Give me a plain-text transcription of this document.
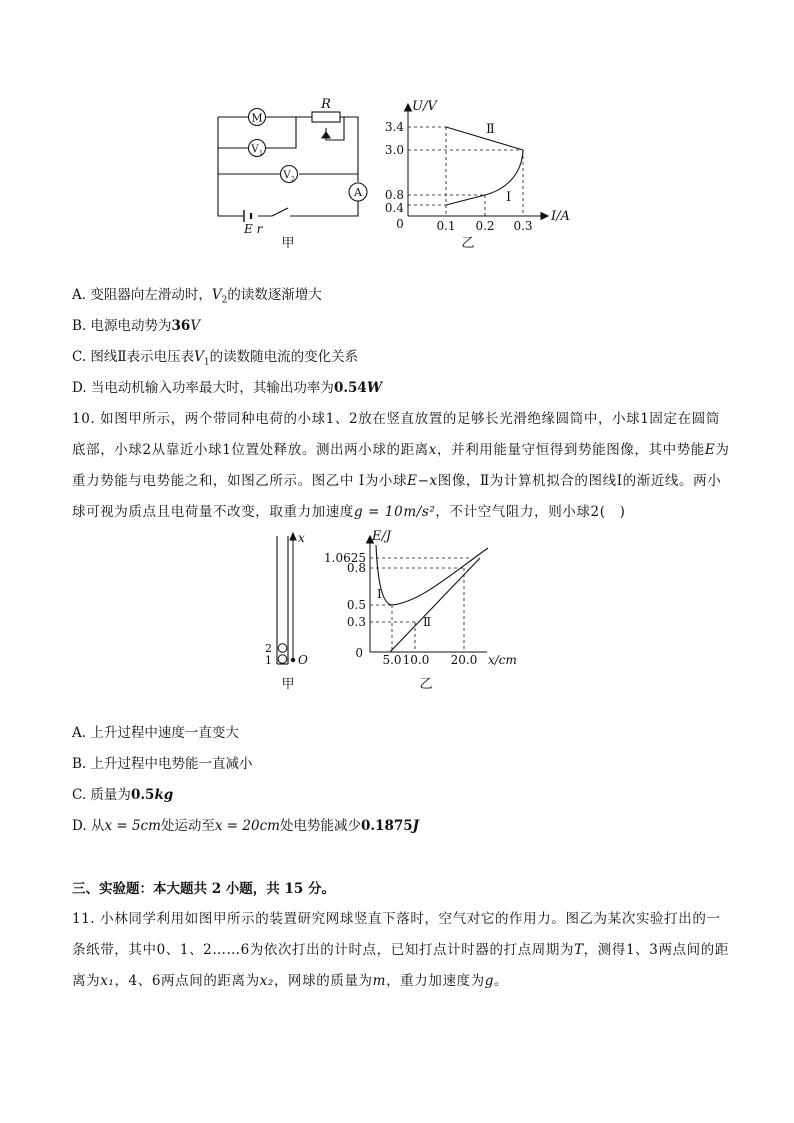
M
V 1
V 2
A
R
E r
甲
U/V
I/A
0
3.4
3.0
0.8
0.4
0.1 0.2 0.3
Ⅰ
Ⅱ
乙
A. 变阻器向左滑动时，$V_2$的读数逐渐增大
B. 电源电动势为36V
C. 图线Ⅱ表示电压表$V_1$的读数随电流的变化关系
D. 当电动机输入功率最大时，其输出功率为0.54W
10. 如图甲所示，两个带同种电荷的小球1、2放在竖直放置的足够长光滑绝缘圆筒中，小球1固定在圆筒底部，小球2从靠近小球1位置处释放。测出两小球的距离x，并利用能量守恒得到势能图像，其中势能E为重力势能与电势能之和，如图乙所示。图乙中 Ⅰ为小球E−x图像，Ⅱ为计算机拟合的图线Ⅰ的渐近线。两小球可视为质点且电荷量不改变，取重力加速度g = 10m/s²，不计空气阻力，则小球2(　)
x
2
1 O
甲
E/J
x/cm
0
1.0625
0.8
0.5
0.3
5.0 10.0 20.0
Ⅰ
Ⅱ
乙
A. 上升过程中速度一直变大
B. 上升过程中电势能一直减小
C. 质量为0.5kg
D. 从x = 5cm处运动至x = 20cm处电势能减少0.1875J
三、实验题：本大题共 2 小题，共 15 分。
11. 小林同学利用如图甲所示的装置研究网球竖直下落时，空气对它的作用力。图乙为某次实验打出的一条纸带，其中0、1、2……6为依次打出的计时点，已知打点计时器的打点周期为T，测得1、3两点间的距离为x₁，4、6两点间的距离为x₂，网球的质量为m，重力加速度为g。
